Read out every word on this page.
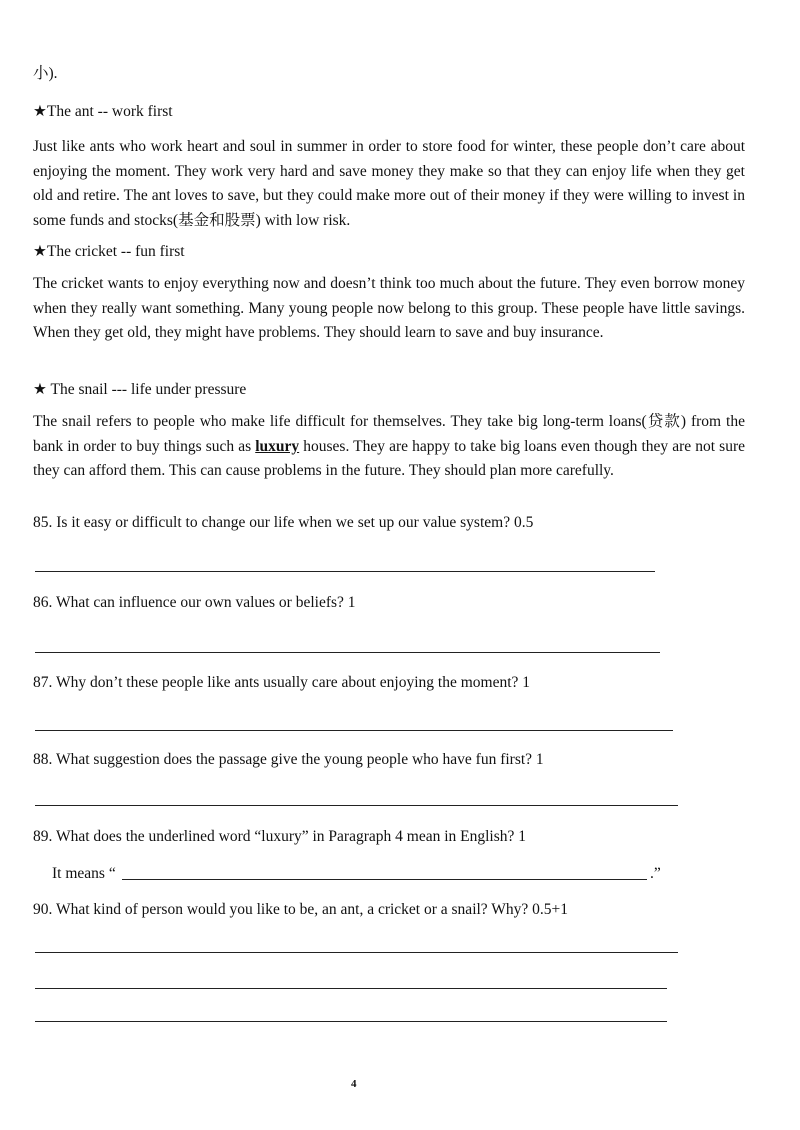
小).
★The ant -- work first
Just like ants who work heart and soul in summer in order to store food for winter, these people don’t care about enjoying the moment. They work very hard and save money they make so that they can enjoy life when they get old and retire. The ant loves to save, but they could make more out of their money if they were willing to invest in some funds and stocks(基金和股票) with low risk.
★The cricket -- fun first
The cricket wants to enjoy everything now and doesn’t think too much about the future. They even borrow money when they really want something. Many young people now belong to this group. These people have little savings. When they get old, they might have problems. They should learn to save and buy insurance.
★ The snail --- life under pressure
The snail refers to people who make life difficult for themselves. They take big long-term loans(贷款) from the bank in order to buy things such as luxury houses. They are happy to take big loans even though they are not sure they can afford them. This can cause problems in the future. They should plan more carefully.
85. Is it easy or difficult to change our life when we set up our value system? 0.5
86. What can influence our own values or beliefs? 1
87. Why don’t these people like ants usually care about enjoying the moment? 1
88. What suggestion does the passage give the young people who have fun first? 1
89. What does the underlined word “luxury” in Paragraph 4 mean in English? 1
It means “	.”
90. What kind of person would you like to be, an ant, a cricket or a snail? Why? 0.5+1
4
